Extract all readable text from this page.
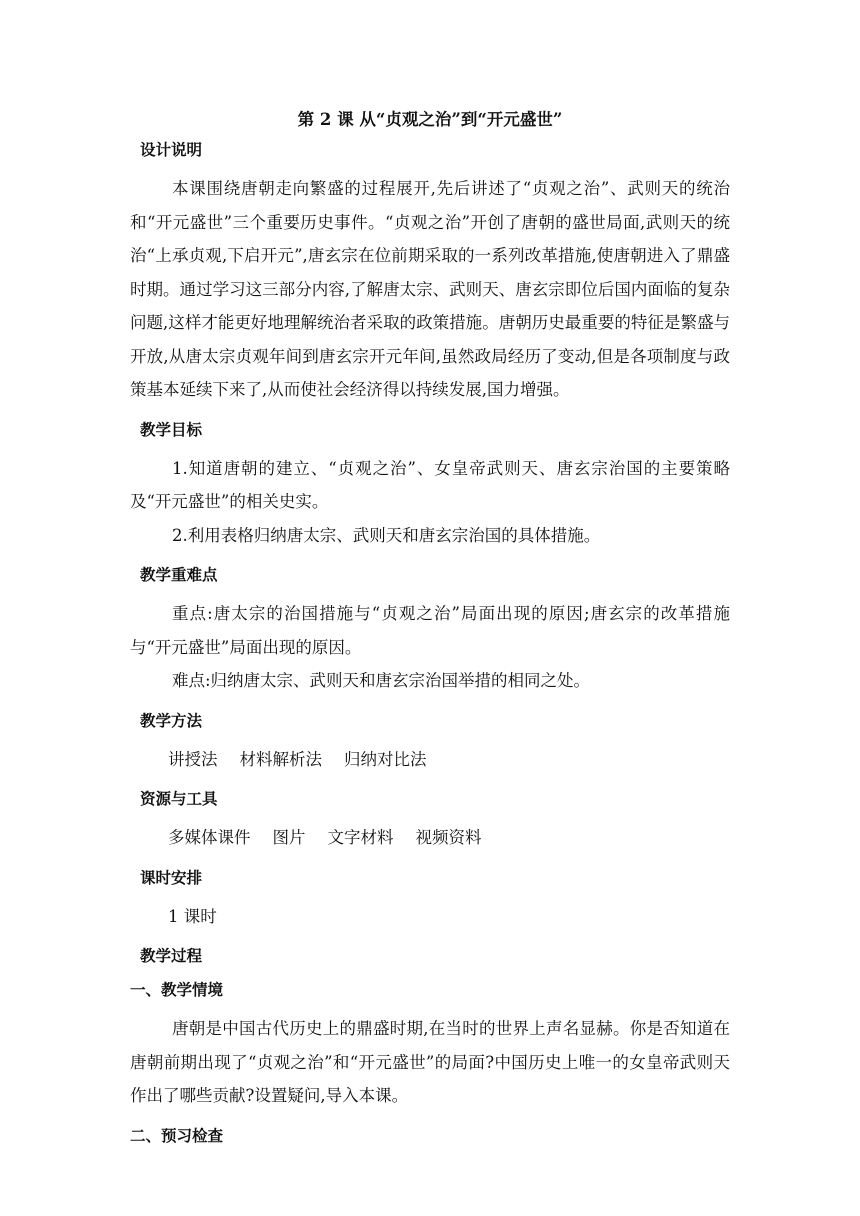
第 2 课 从“贞观之治”到“开元盛世”
设计说明

本课围绕唐朝走向繁盛的过程展开,先后讲述了“贞观之治”、武则天的统治和“开元盛世”三个重要历史事件。“贞观之治”开创了唐朝的盛世局面,武则天的统治“上承贞观,下启开元”,唐玄宗在位前期采取的一系列改革措施,使唐朝进入了鼎盛时期。通过学习这三部分内容,了解唐太宗、武则天、唐玄宗即位后国内面临的复杂问题,这样才能更好地理解统治者采取的政策措施。唐朝历史最重要的特征是繁盛与开放,从唐太宗贞观年间到唐玄宗开元年间,虽然政局经历了变动,但是各项制度与政策基本延续下来了,从而使社会经济得以持续发展,国力增强。

教学目标

1.知道唐朝的建立、“贞观之治”、女皇帝武则天、唐玄宗治国的主要策略及“开元盛世”的相关史实。

2.利用表格归纳唐太宗、武则天和唐玄宗治国的具体措施。

教学重难点

重点:唐太宗的治国措施与“贞观之治”局面出现的原因;唐玄宗的改革措施与“开元盛世”局面出现的原因。

难点:归纳唐太宗、武则天和唐玄宗治国举措的相同之处。

教学方法

讲授法 材料解析法 归纳对比法

资源与工具

多媒体课件 图片 文字材料 视频资料

课时安排

1 课时

教学过程
一、教学情境

唐朝是中国古代历史上的鼎盛时期,在当时的世界上声名显赫。你是否知道在唐朝前期出现了“贞观之治”和“开元盛世”的局面?中国历史上唯一的女皇帝武则天作出了哪些贡献?设置疑问,导入本课。

二、预习检查
